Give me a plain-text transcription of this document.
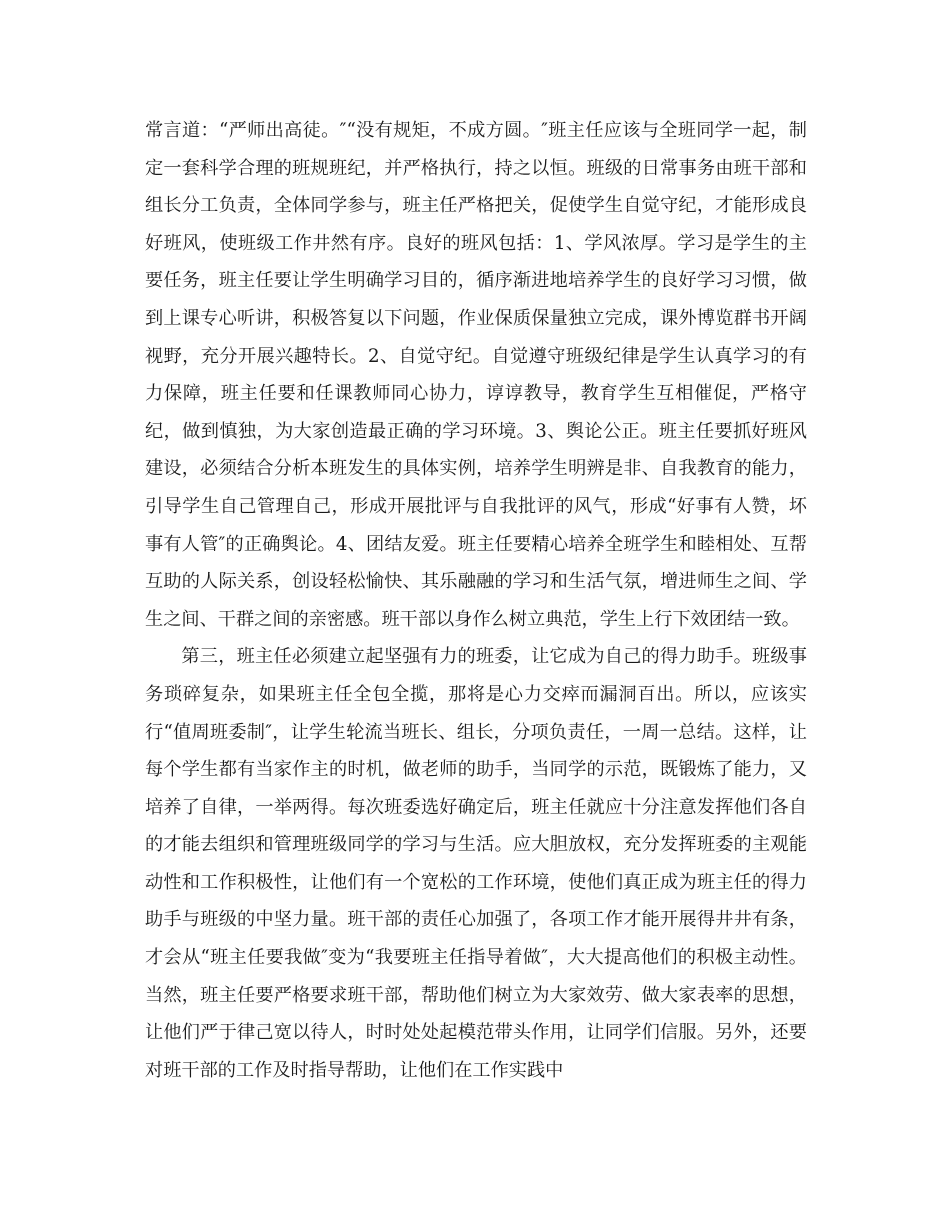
常言道：“严师出高徒。″“没有规矩，不成方圆。″班主任应该与全班同学一起，制定一套科学合理的班规班纪，并严格执行，持之以恒。班级的日常事务由班干部和组长分工负责，全体同学参与，班主任严格把关，促使学生自觉守纪，才能形成良好班风，使班级工作井然有序。良好的班风包括：1、学风浓厚。学习是学生的主要任务，班主任要让学生明确学习目的，循序渐进地培养学生的良好学习习惯，做到上课专心听讲，积极答复以下问题，作业保质保量独立完成，课外博览群书开阔视野，充分开展兴趣特长。2、自觉守纪。自觉遵守班级纪律是学生认真学习的有力保障，班主任要和任课教师同心协力，谆谆教导，教育学生互相催促，严格守纪，做到慎独，为大家创造最正确的学习环境。3、舆论公正。班主任要抓好班风建设，必须结合分析本班发生的具体实例，培养学生明辨是非、自我教育的能力，引导学生自己管理自己，形成开展批评与自我批评的风气，形成“好事有人赞，坏事有人管″的正确舆论。4、团结友爱。班主任要精心培养全班学生和睦相处、互帮互助的人际关系，创设轻松愉快、其乐融融的学习和生活气氛，增进师生之间、学生之间、干群之间的亲密感。班干部以身作么树立典范，学生上行下效团结一致。

第三，班主任必须建立起坚强有力的班委，让它成为自己的得力助手。班级事务琐碎复杂，如果班主任全包全揽，那将是心力交瘁而漏洞百出。所以，应该实行“值周班委制″，让学生轮流当班长、组长，分项负责任，一周一总结。这样，让每个学生都有当家作主的时机，做老师的助手，当同学的示范，既锻炼了能力，又培养了自律，一举两得。每次班委选好确定后，班主任就应十分注意发挥他们各自的才能去组织和管理班级同学的学习与生活。应大胆放权，充分发挥班委的主观能动性和工作积极性，让他们有一个宽松的工作环境，使他们真正成为班主任的得力助手与班级的中坚力量。班干部的责任心加强了，各项工作才能开展得井井有条，才会从“班主任要我做″变为“我要班主任指导着做″，大大提高他们的积极主动性。当然，班主任要严格要求班干部，帮助他们树立为大家效劳、做大家表率的思想，让他们严于律己宽以待人，时时处处起模范带头作用，让同学们信服。另外，还要对班干部的工作及时指导帮助，让他们在工作实践中
